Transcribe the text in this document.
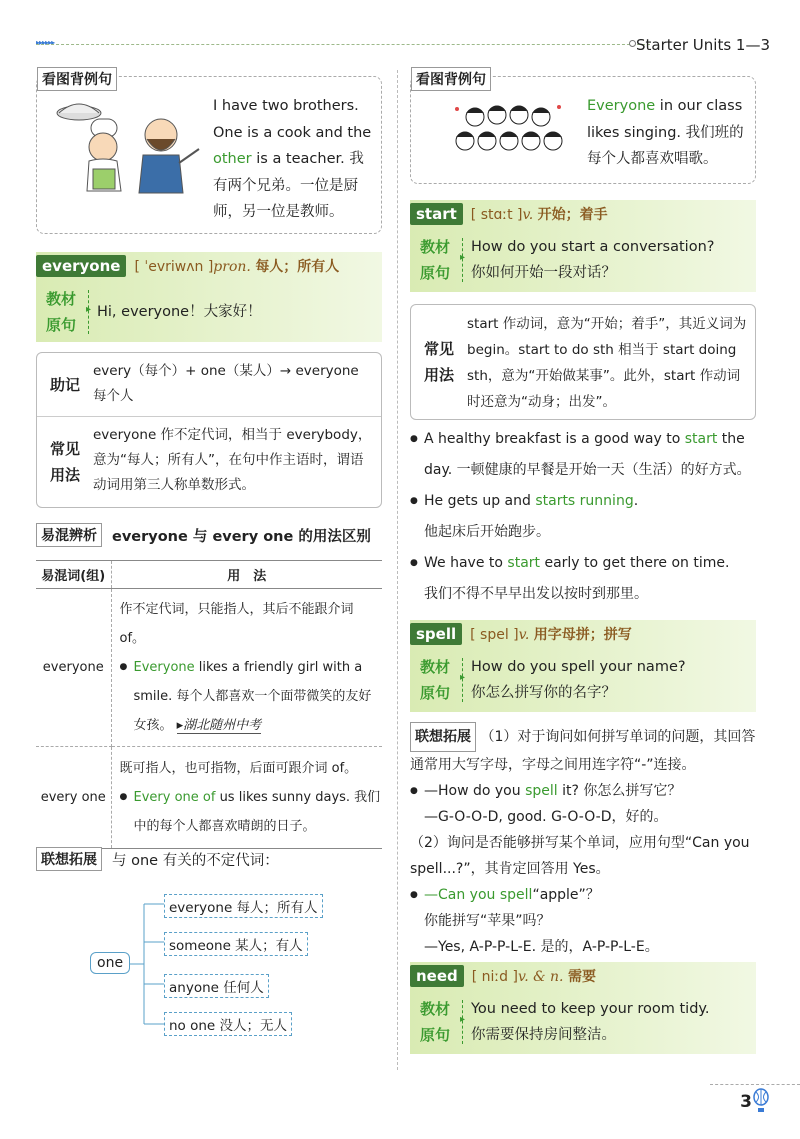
▸▸▸▸▸▸	Starter Units 1—3
看图背例句
I have two brothers. One is a cook and the other is a teacher. 我有两个兄弟。一位是厨师，另一位是教师。
everyone	[ ˈevriwʌn ]pron. 每人；所有人
教材
原句
▸
Hi, everyone！大家好！
助记
every（每个）+ one（某人）→ everyone 每个人
常见用法
everyone 作不定代词，相当于 everybody，意为“每人；所有人”，在句中作主语时，谓语动词用第三人称单数形式。
易混辨析	everyone 与 every one 的用法区别
易混词(组)	用　法
everyone	作不定代词，只能指人，其后不能跟介词 of。
● Everyone likes a friendly girl with a smile. 每个人都喜欢一个面带微笑的友好女孩。 ▸湖北随州中考

every one	既可指人，也可指物，后面可跟介词 of。
● Every one of us likes sunny days. 我们中的每个人都喜欢晴朗的日子。
联想拓展	与 one 有关的不定代词：
one
everyone 每人；所有人
someone 某人；有人
anyone 任何人
no one 没人；无人
看图背例句
Everyone in our class likes singing. 我们班的每个人都喜欢唱歌。
start	[ stɑːt ]v. 开始；着手
教材
原句
▸
How do you start a conversation?
你如何开始一段对话？
常见用法
start 作动词，意为“开始；着手”，其近义词为 begin。start to do sth 相当于 start doing sth，意为“开始做某事”。此外，start 作动词时还意为“动身；出发”。
● A healthy breakfast is a good way to start the day. 一顿健康的早餐是开始一天（生活）的好方式。
● He gets up and starts running.
他起床后开始跑步。
● We have to start early to get there on time.
我们不得不早早出发以按时到那里。
spell	[ spel ]v. 用字母拼；拼写
教材
原句
▸
How do you spell your name?
你怎么拼写你的名字？
联想拓展 （1）对于询问如何拼写单词的问题，其回答通常用大写字母，字母之间用连字符“-”连接。
● —How do you spell it? 你怎么拼写它？
—G-O-O-D, good. G-O-O-D，好的。
（2）询问是否能够拼写某个单词，应用句型“Can you spell...?”，其肯定回答用 Yes。
● —Can you spell“apple”？
你能拼写“苹果”吗？
—Yes, A-P-P-L-E. 是的，A-P-P-L-E。
need	[ niːd ]v. & n. 需要
教材
原句
▸
You need to keep your room tidy.
你需要保持房间整洁。
3
